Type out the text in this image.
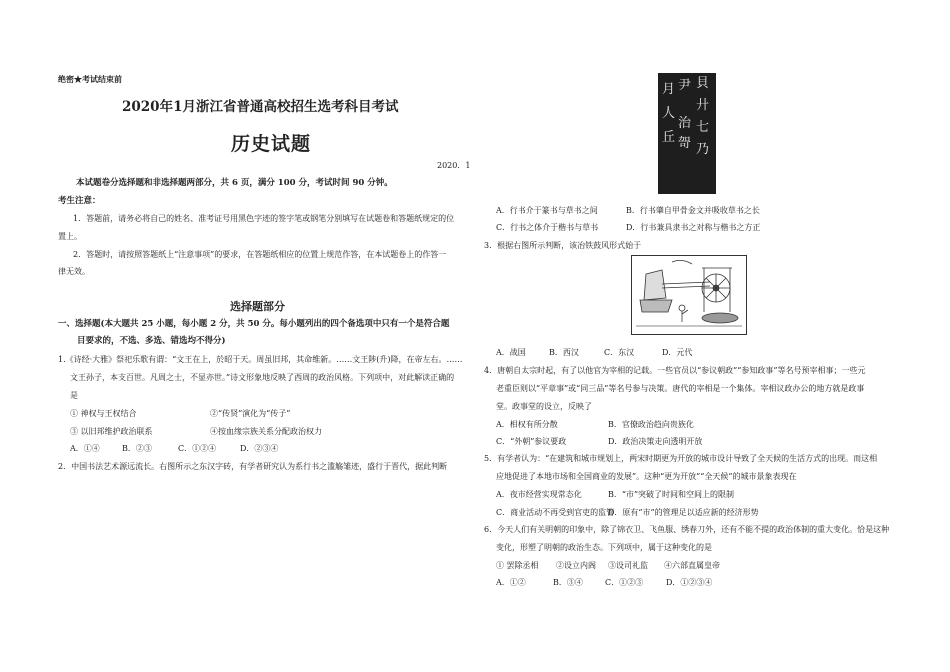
绝密★考试结束前
2020年1月浙江省普通高校招生选考科目考试
历史试题
2020．1
本试题卷分选择题和非选择题两部分，共 6 页，满分 100 分，考试时间 90 分钟。
考生注意：
1．答题前，请务必将自己的姓名、准考证号用黑色字迹的签字笔或钢笔分别填写在试题卷和答题纸规定的位
置上。
2．答题时，请按照答题纸上“注意事项”的要求，在答题纸相应的位置上规范作答，在本试题卷上的作答一
律无效。
选择题部分
一、选择题(本大题共 25 小题，每小题 2 分，共 50 分。每小题列出的四个备选项中只有一个是符合题
目要求的，不选、多选、错选均不得分)
1.《诗经·大雅》祭祀乐歌有谓：“文王在上，於昭于天。周虽旧邦，其命维新。……文王陟(升)降，在帝左右。……
文王孙子，本支百世。凡周之士，不显亦世。”诗文形象地反映了西周的政治风格。下列项中，对此解读正确的
是
① 神权与王权结合	②“传贤”演化为“传子”
③ 以旧邦维护政治联系	④按血缘宗族关系分配政治权力
A．①④	B．②③	C．①②④	D．②③④
2．中国书法艺术源远流长。右图所示之东汉字砖，有学者研究认为系行书之滥觞雏迹，盛行于晋代，据此判断
貝
廾
七
乃
治
哿
尹
月
人
丘
A．行书介于篆书与草书之间	B．行书肇自甲骨金文并吸收草书之长
C．行书之体介于楷书与草书	D．行书兼具隶书之对称与楷书之方正
3．根据右图所示判断，该冶铁鼓风形式始于
A．战国	B．西汉	C．东汉	D．元代
4．唐朝自太宗时起，有了以他官为宰相的记载。一些官员以“参议朝政”“参知政事”等名号预宰相事；一些元
老重臣则以“平章事”或“同三品”等名号参与决策。唐代的宰相是一个集体。宰相议政办公的地方就是政事
堂。政事堂的设立，反映了
A．相权有所分散	B．官僚政治趋向贵族化
C．“外朝”参议要政	D．政治决策走向透明开放
5．有学者认为：“在建筑和城市规划上，两宋时期更为开放的城市设计导致了全天候的生活方式的出现。而这相
应地促进了本地市场和全国商业的发展”。这种“更为开放”“全天候”的城市景象表现在
A．夜市经营实现常态化	B．“市”突破了时间和空间上的限制
C．商业活动不再受到官吏的监管
D．原有“市”的管理足以适应新的经济形势
6．今天人们有关明朝的印象中，除了锦衣卫、飞鱼服、绣春刀外，还有不能不提的政治体制的重大变化。恰是这种
变化，形塑了明朝的政治生态。下列项中，属于这种变化的是
① 罢除丞相 ②设立内阁 ③设司礼监 ④六部直属皇帝
A．①②	B．③④	C．①②③	D．①②③④
